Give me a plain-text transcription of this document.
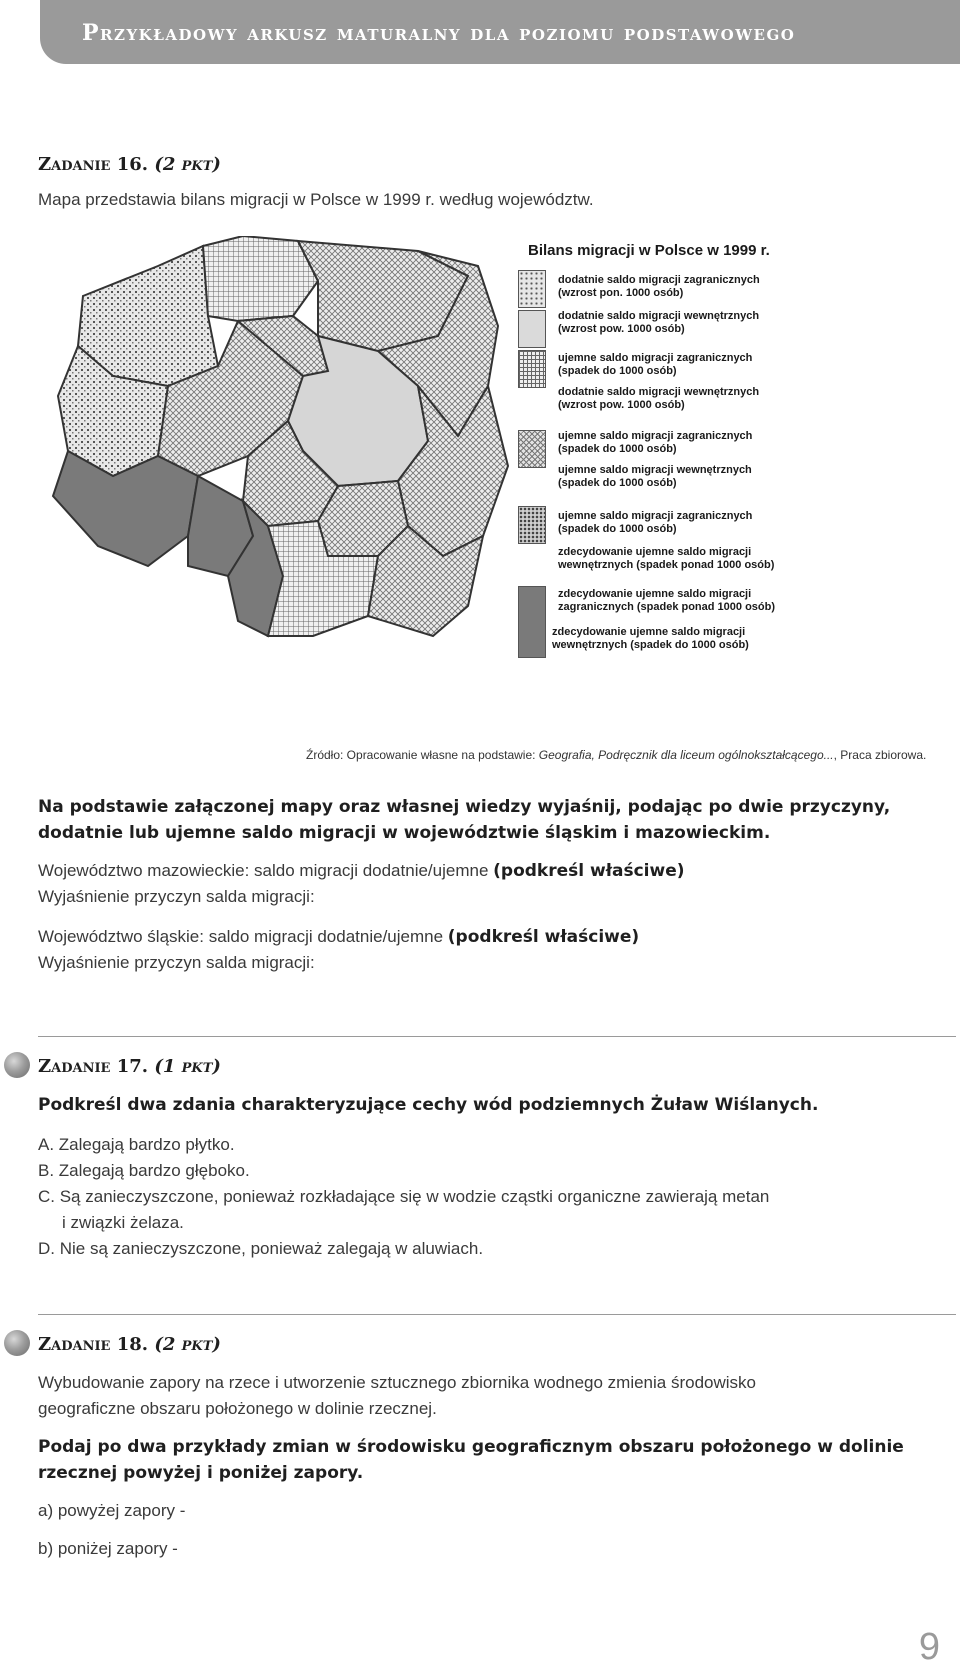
Przykładowy arkusz maturalny dla poziomu podstawowego
Zadanie 16. (2 pkt)
Mapa przedstawia bilans migracji w Polsce w 1999 r. według województw.
Bilans migracji w Polsce w 1999 r.
dodatnie saldo migracji zagranicznych
(wzrost pon. 1000 osób)
dodatnie saldo migracji wewnętrznych
(wzrost pow. 1000 osób)
ujemne saldo migracji zagranicznych
(spadek do 1000 osób)
dodatnie saldo migracji wewnętrznych
(wzrost pow. 1000 osób)
ujemne saldo migracji zagranicznych
(spadek do 1000 osób)
ujemne saldo migracji wewnętrznych
(spadek do 1000 osób)
ujemne saldo migracji zagranicznych
(spadek do 1000 osób)
zdecydowanie ujemne saldo migracji
wewnętrznych (spadek ponad 1000 osób)
zdecydowanie ujemne saldo migracji
zagranicznych (spadek ponad 1000 osób)
zdecydowanie ujemne saldo migracji
wewnętrznych (spadek do 1000 osób)
Źródło: Opracowanie własne na podstawie: Geografia, Podręcznik dla liceum ogólnokształcącego..., Praca zbiorowa.
Na podstawie załączonej mapy oraz własnej wiedzy wyjaśnij, podając po dwie przyczyny,
dodatnie lub ujemne saldo migracji w województwie śląskim i mazowieckim.
Województwo mazowieckie: saldo migracji dodatnie/ujemne (podkreśl właściwe)
Wyjaśnienie przyczyn salda migracji:
Województwo śląskie: saldo migracji dodatnie/ujemne (podkreśl właściwe)
Wyjaśnienie przyczyn salda migracji:
Zadanie 17. (1 pkt)
Podkreśl dwa zdania charakteryzujące cechy wód podziemnych Żuław Wiślanych.
A. Zalegają bardzo płytko.
B. Zalegają bardzo głęboko.
C. Są zanieczyszczone, ponieważ rozkładające się w wodzie cząstki organiczne zawierają metan
i związki żelaza.
D. Nie są zanieczyszczone, ponieważ zalegają w aluwiach.
Zadanie 18. (2 pkt)
Wybudowanie zapory na rzece i utworzenie sztucznego zbiornika wodnego zmienia środowisko
geograficzne obszaru położonego w dolinie rzecznej.
Podaj po dwa przykłady zmian w środowisku geograficznym obszaru położonego w dolinie
rzecznej powyżej i poniżej zapory.
a) powyżej zapory -
b) poniżej zapory -
9
